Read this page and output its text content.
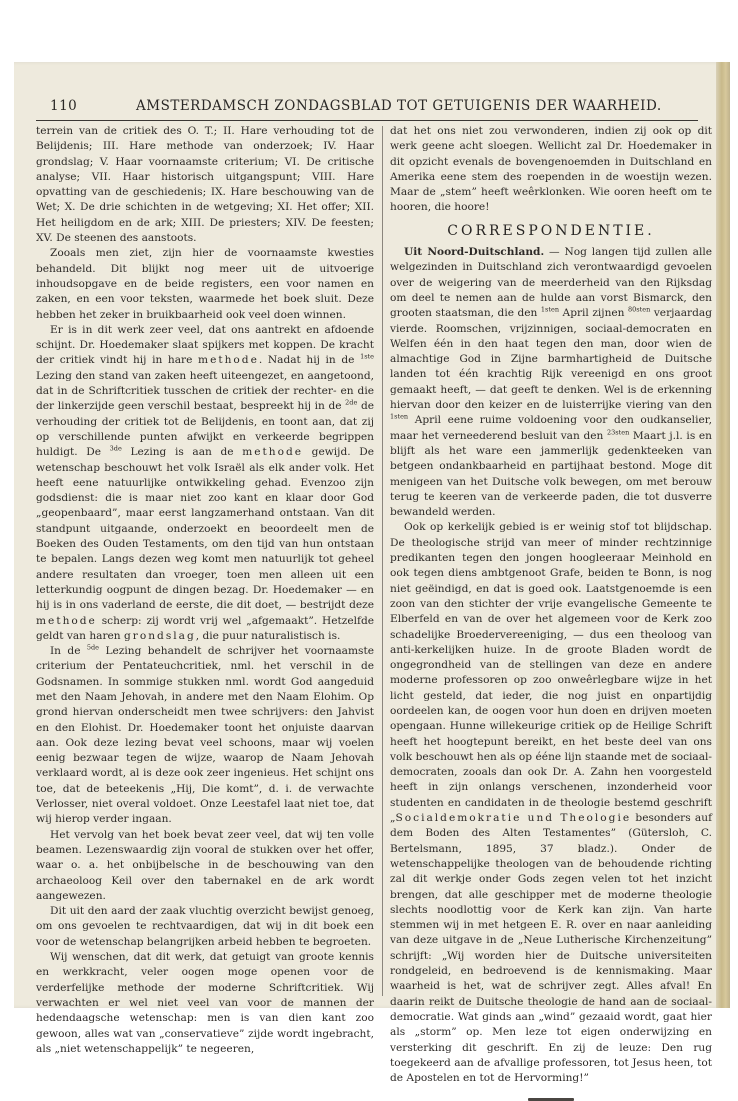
110	AMSTERDAMSCH ZONDAGSBLAD TOT GETUIGENIS DER WAARHEID.

terrein van de critiek des O. T.; II. Hare verhouding tot de Belijdenis; III. Hare methode van onderzoek; IV. Haar grondslag; V. Haar voornaamste criterium; VI. De critische analyse; VII. Haar historisch uitgangspunt; VIII. Hare opvatting van de geschiedenis; IX. Hare beschouwing van de Wet; X. De drie schichten in de wetgeving; XI. Het offer; XII. Het heiligdom en de ark; XIII. De priesters; XIV. De feesten; XV. De steenen des aanstoots.

Zooals men ziet, zijn hier de voornaamste kwesties behandeld. Dit blijkt nog meer uit de uitvoerige inhoudsopgave en de beide registers, een voor namen en zaken, en een voor teksten, waarmede het boek sluit. Deze hebben het zeker in bruikbaarheid ook veel doen winnen.

Er is in dit werk zeer veel, dat ons aantrekt en afdoende schijnt. Dr. Hoedemaker slaat spijkers met koppen. De kracht der critiek vindt hij in hare methode. Nadat hij in de $^{1ste}$ Lezing den stand van zaken heeft uiteengezet, en aangetoond, dat in de Schriftcritiek tusschen de critiek der rechter- en die der linkerzijde geen verschil bestaat, bespreekt hij in de $^{2de}$ de verhouding der critiek tot de Belijdenis, en toont aan, dat zij op verschillende punten afwijkt en verkeerde begrippen huldigt. De $^{3de}$ Lezing is aan de methode gewijd. De wetenschap beschouwt het volk Israël als elk ander volk. Het heeft eene natuurlijke ontwikkeling gehad. Evenzoo zijn godsdienst: die is maar niet zoo kant en klaar door God „geopenbaard”, maar eerst langzamerhand ontstaan. Van dit standpunt uitgaande, onderzoekt en beoordeelt men de Boeken des Ouden Testaments, om den tijd van hun ontstaan te bepalen. Langs dezen weg komt men natuurlijk tot geheel andere resultaten dan vroeger, toen men alleen uit een letterkundig oogpunt de dingen bezag. Dr. Hoedemaker — en hij is in ons vaderland de eerste, die dit doet, — bestrijdt deze methode scherp: zij wordt vrij wel „afgemaakt”. Hetzelfde geldt van haren grondslag, die puur naturalistisch is.

In de $^{5de}$ Lezing behandelt de schrijver het voornaamste criterium der Pentateuchcritiek, nml. het verschil in de Godsnamen. In sommige stukken nml. wordt God aangeduid met den Naam Jehovah, in andere met den Naam Elohim. Op grond hiervan onderscheidt men twee schrijvers: den Jahvist en den Elohist. Dr. Hoedemaker toont het onjuiste daarvan aan. Ook deze lezing bevat veel schoons, maar wij voelen eenig bezwaar tegen de wijze, waarop de Naam Jehovah verklaard wordt, al is deze ook zeer ingenieus. Het schijnt ons toe, dat de beteekenis „Hij, Die komt”, d. i. de verwachte Verlosser, niet overal voldoet. Onze Leestafel laat niet toe, dat wij hierop verder ingaan.

Het vervolg van het boek bevat zeer veel, dat wij ten volle beamen. Lezenswaardig zijn vooral de stukken over het offer, waar o. a. het onbijbelsche in de beschouwing van den archaeoloog Keil over den tabernakel en de ark wordt aangewezen.

Dit uit den aard der zaak vluchtig overzicht bewijst genoeg, om ons gevoelen te rechtvaardigen, dat wij in dit boek een voor de wetenschap belangrijken arbeid hebben te begroeten.

Wij wenschen, dat dit werk, dat getuigt van groote kennis en werkkracht, veler oogen moge openen voor de verderfelijke methode der moderne Schriftcritiek. Wij verwachten er wel niet veel van voor de mannen der hedendaagsche wetenschap: men is van dien kant zoo gewoon, alles wat van „conservatieve” zijde wordt ingebracht, als „niet wetenschappelijk” te negeeren,

dat het ons niet zou verwonderen, indien zij ook op dit werk geene acht sloegen. Wellicht zal Dr. Hoedemaker in dit opzicht evenals de bovengenoemden in Duitschland en Amerika eene stem des roependen in de woestijn wezen. Maar de „stem” heeft weêrklonken. Wie ooren heeft om te hooren, die hoore!

CORRESPONDENTIE.

Uit Noord-Duitschland. — Nog langen tijd zullen alle welgezinden in Duitschland zich verontwaardigd gevoelen over de weigering van de meerderheid van den Rijksdag om deel te nemen aan de hulde aan vorst Bismarck, den grooten staatsman, die den $^{1sten}$ April zijnen $^{80sten}$ verjaardag vierde. Roomschen, vrijzinnigen, sociaal-democraten en Welfen één in den haat tegen den man, door wien de almachtige God in Zijne barmhartigheid de Duitsche landen tot één krachtig Rijk vereenigd en ons groot gemaakt heeft, — dat geeft te denken. Wel is de erkenning hiervan door den keizer en de luisterrijke viering van den $^{1sten}$ April eene ruime voldoening voor den oudkanselier, maar het verneederend besluit van den $^{23sten}$ Maart j.l. is en blijft als het ware een jammerlijk gedenkteeken van betgeen ondankbaarheid en partijhaat bestond. Moge dit menigeen van het Duitsche volk bewegen, om met berouw terug te keeren van de verkeerde paden, die tot dusverre bewandeld werden.

Ook op kerkelijk gebied is er weinig stof tot blijdschap. De theologische strijd van meer of minder rechtzinnige predikanten tegen den jongen hoogleeraar Meinhold en ook tegen diens ambtgenoot Grafe, beiden te Bonn, is nog niet geëindigd, en dat is goed ook. Laatstgenoemde is een zoon van den stichter der vrije evangelische Gemeente te Elberfeld en van de over het algemeen voor de Kerk zoo schadelijke Broedervereeniging, — dus een theoloog van anti-kerkelijken huize. In de groote Bladen wordt de ongegrondheid van de stellingen van deze en andere moderne professoren op zoo onweêrlegbare wijze in het licht gesteld, dat ieder, die nog juist en onpartijdig oordeelen kan, de oogen voor hun doen en drijven moeten opengaan. Hunne willekeurige critiek op de Heilige Schrift heeft het hoogtepunt bereikt, en het beste deel van ons volk beschouwt hen als op ééne lijn staande met de sociaal-democraten, zooals dan ook Dr. A. Zahn hen voorgesteld heeft in zijn onlangs verschenen, inzonderheid voor studenten en candidaten in de theologie bestemd geschrift „Socialdemokratie und Theologie besonders auf dem Boden des Alten Testamentes” (Gütersloh, C. Bertelsmann, 1895, 37 bladz.). Onder de wetenschappelijke theologen van de behoudende richting zal dit werkje onder Gods zegen velen tot het inzicht brengen, dat alle geschipper met de moderne theologie slechts noodlottig voor de Kerk kan zijn. Van harte stemmen wij in met hetgeen E. R. over en naar aanleiding van deze uitgave in de „Neue Lutherische Kirchenzeitung” schrijft: „Wij worden hier de Duitsche universiteiten rondgeleid, en bedroevend is de kennismaking. Maar waarheid is het, wat de schrijver zegt. Alles afval! En daarin reikt de Duitsche theologie de hand aan de sociaal-democratie. Wat ginds aan „wind” gezaaid wordt, gaat hier als „storm” op. Men leze tot eigen onderwijzing en versterking dit geschrift. En zij de leuze: Den rug toegekeerd aan de afvallige professoren, tot Jesus heen, tot de Apostelen en tot de Hervorming!”
